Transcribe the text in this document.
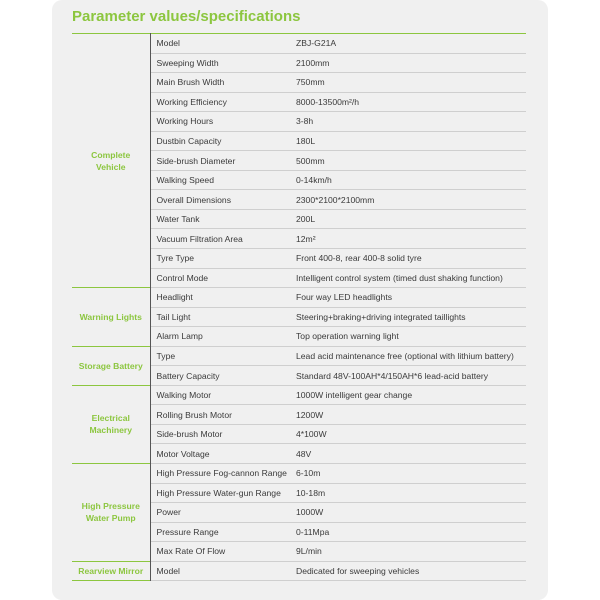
Parameter values/specifications
Complete Vehicle	Model	ZBJ-G21A
	Sweeping Width	2100mm
	Main Brush Width	750mm
	Working Efficiency	8000-13500m²/h
	Working Hours	3-8h
	Dustbin Capacity	180L
	Side-brush Diameter	500mm
	Walking Speed	0-14km/h
	Overall Dimensions	2300*2100*2100mm
	Water Tank	200L
	Vacuum Filtration Area	12m²
	Tyre Type	Front 400-8, rear 400-8 solid tyre
	Control Mode	Intelligent control system (timed dust shaking function)
Warning Lights	Headlight	Four way LED headlights
	Tail Light	Steering+braking+driving integrated taillights
	Alarm Lamp	Top operation warning light
Storage Battery	Type	Lead acid maintenance free (optional with lithium battery)
	Battery Capacity	Standard 48V-100AH*4/150AH*6 lead-acid battery
Electrical Machinery	Walking Motor	1000W intelligent gear change
	Rolling Brush Motor	1200W
	Side-brush Motor	4*100W
	Motor Voltage	48V
High Pressure Water Pump	High Pressure Fog-cannon Range	6-10m
	High Pressure Water-gun Range	10-18m
	Power	1000W
	Pressure Range	0-11Mpa
	Max Rate Of Flow	9L/min
Rearview Mirror	Model	Dedicated for sweeping vehicles
